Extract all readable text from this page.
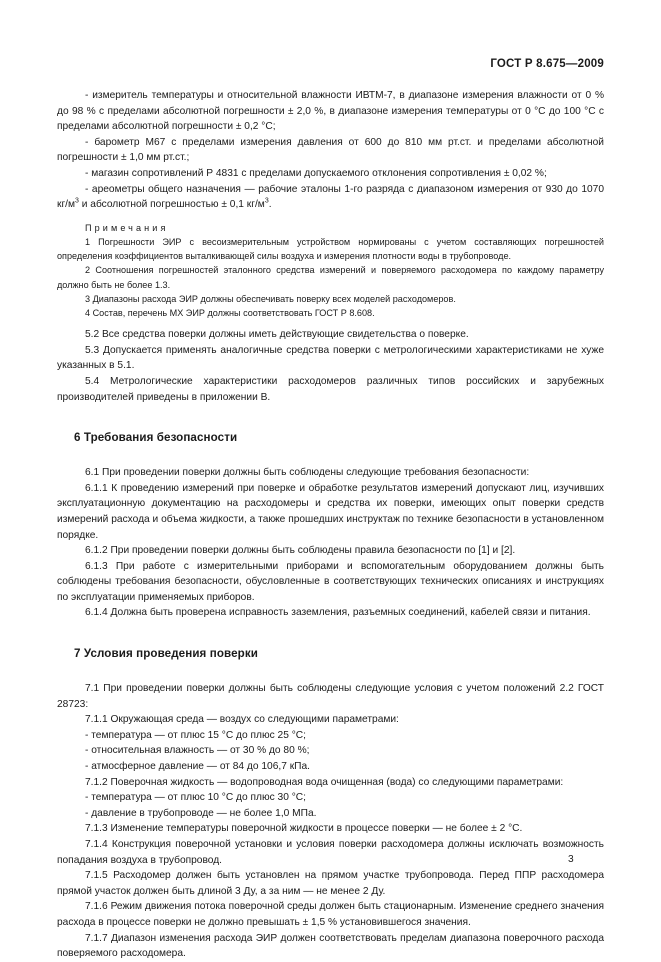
ГОСТ Р 8.675—2009

- измеритель температуры и относительной влажности ИВТМ-7, в диапазоне измерения влажности от 0 % до 98 % с пределами абсолютной погрешности ± 2,0 %, в диапазоне измерения температуры от 0 °С до 100 °С с пределами абсолютной погрешности ± 0,2 °С;

- барометр М67 с пределами измерения давления от 600 до 810 мм рт.ст. и пределами абсолютной погрешности ± 1,0 мм рт.ст.;

- магазин сопротивлений Р 4831 с пределами допускаемого отклонения сопротивления ± 0,02 %;

- ареометры общего назначения — рабочие эталоны 1-го разряда с диапазоном измерения от 930 до 1070 $кг/м^3$ и абсолютной погрешностью ± 0,1 $кг/м^3$.

Примечания

1 Погрешности ЭИР с весоизмерительным устройством нормированы с учетом составляющих погрешностей определения коэффициентов выталкивающей силы воздуха и измерения плотности воды в трубопроводе.

2 Соотношения погрешностей эталонного средства измерений и поверяемого расходомера по каждому параметру должно быть не более 1.3.

3 Диапазоны расхода ЭИР должны обеспечивать поверку всех моделей расходомеров.

4 Состав, перечень МХ ЭИР должны соответствовать ГОСТ Р 8.608.

5.2 Все средства поверки должны иметь действующие свидетельства о поверке.

5.3 Допускается применять аналогичные средства поверки с метрологическими характеристиками не хуже указанных в 5.1.

5.4 Метрологические характеристики расходомеров различных типов российских и зарубежных производителей приведены в приложении В.

6 Требования безопасности

6.1 При проведении поверки должны быть соблюдены следующие требования безопасности:

6.1.1 К проведению измерений при поверке и обработке результатов измерений допускают лиц, изучивших эксплуатационную документацию на расходомеры и средства их поверки, имеющих опыт поверки средств измерений расхода и объема жидкости, а также прошедших инструктаж по технике безопасности в установленном порядке.

6.1.2 При проведении поверки должны быть соблюдены правила безопасности по [1] и [2].

6.1.3 При работе с измерительными приборами и вспомогательным оборудованием должны быть соблюдены требования безопасности, обусловленные в соответствующих технических описаниях и инструкциях по эксплуатации применяемых приборов.

6.1.4 Должна быть проверена исправность заземления, разъемных соединений, кабелей связи и питания.

7 Условия проведения поверки

7.1 При проведении поверки должны быть соблюдены следующие условия с учетом положений 2.2 ГОСТ 28723:

7.1.1 Окружающая среда — воздух со следующими параметрами:

- температура — от плюс 15 °С до плюс 25 °С;

- относительная влажность — от 30 % до 80 %;

- атмосферное давление — от 84 до 106,7 кПа.

7.1.2 Поверочная жидкость — водопроводная вода очищенная (вода) со следующими параметрами:

- температура — от плюс 10 °С до плюс 30 °С;

- давление в трубопроводе — не более 1,0 МПа.

7.1.3 Изменение температуры поверочной жидкости в процессе поверки — не более ± 2 °С.

7.1.4 Конструкция поверочной установки и условия поверки расходомера должны исключать возможность попадания воздуха в трубопровод.

7.1.5 Расходомер должен быть установлен на прямом участке трубопровода. Перед ППР расходомера прямой участок должен быть длиной 3 Ду, а за ним — не менее 2 Ду.

7.1.6 Режим движения потока поверочной среды должен быть стационарным. Изменение среднего значения расхода в процессе поверки не должно превышать ± 1,5 % установившегося значения.

7.1.7 Диапазон изменения расхода ЭИР должен соответствовать пределам диапазона поверочного расхода поверяемого расходомера.

3
